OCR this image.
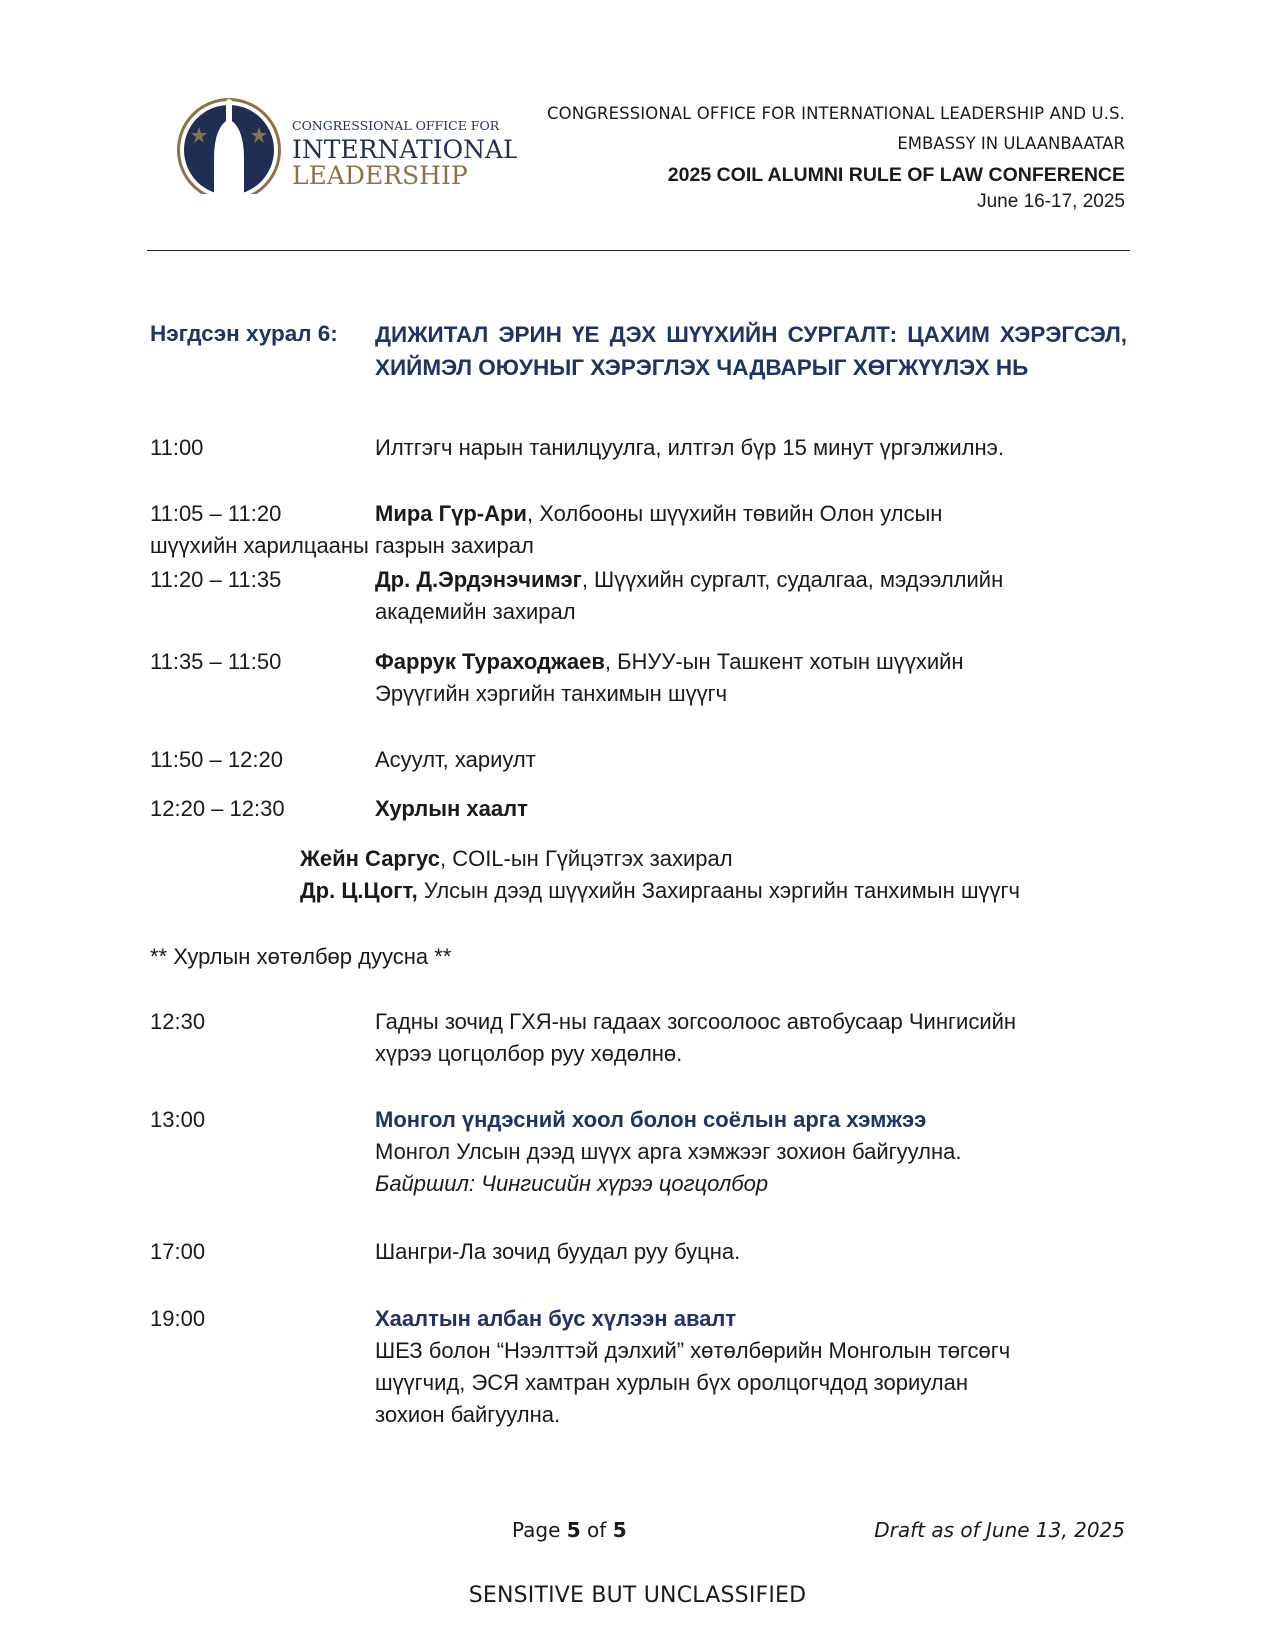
CONGRESSIONAL OFFICE FOR
INTERNATIONAL
LEADERSHIP
CONGRESSIONAL OFFICE FOR INTERNATIONAL LEADERSHIP AND U.S.
EMBASSY IN ULAANBAATAR
2025 COIL ALUMNI RULE OF LAW CONFERENCE
June 16-17, 2025
Нэгдсэн хурал 6: ДИЖИТАЛ ЭРИН ҮЕ ДЭХ ШҮҮХИЙН СУРГАЛТ: ЦАХИМ ХЭРЭГСЭЛ, ХИЙМЭЛ ОЮУНЫГ ХЭРЭГЛЭХ ЧАДВАРЫГ ХӨГЖҮҮЛЭХ НЬ
11:00	Илтгэгч нарын танилцуулга, илтгэл бүр 15 минут үргэлжилнэ.
11:05 – 11:20	Мира Гүр-Ари, Холбооны шүүхийн төвийн Олон улсын
шүүхийн харилцааны газрын захирал
11:20 – 11:35	Др. Д.Эрдэнэчимэг, Шүүхийн сургалт, судалгаа, мэдээллийн
академийн захирал
11:35 – 11:50	Фаррук Тураходжаев, БНУУ-ын Ташкент хотын шүүхийн
Эрүүгийн хэргийн танхимын шүүгч
11:50 – 12:20	Асуулт, хариулт
12:20 – 12:30	Хурлын хаалт
Жейн Саргус, COIL-ын Гүйцэтгэх захирал
Др. Ц.Цогт, Улсын дээд шүүхийн Захиргааны хэргийн танхимын шүүгч
** Хурлын хөтөлбөр дуусна **
12:30	Гадны зочид ГХЯ-ны гадаах зогсоолоос автобусаар Чингисийн
хүрээ цогцолбор руу хөдөлнө.
13:00	Монгол үндэсний хоол болон соёлын арга хэмжээ
Монгол Улсын дээд шүүх арга хэмжээг зохион байгуулна.
Байршил: Чингисийн хүрээ цогцолбор
17:00	Шангри-Ла зочид буудал руу буцна.
19:00	Хаалтын албан бус хүлээн авалт
ШЕЗ болон “Нээлттэй дэлхий” хөтөлбөрийн Монголын төгсөгч
шүүгчид, ЭСЯ хамтран хурлын бүх оролцогчдод зориулан
зохион байгуулна.
Page 5 of 5	Draft as of June 13, 2025
SENSITIVE BUT UNCLASSIFIED
